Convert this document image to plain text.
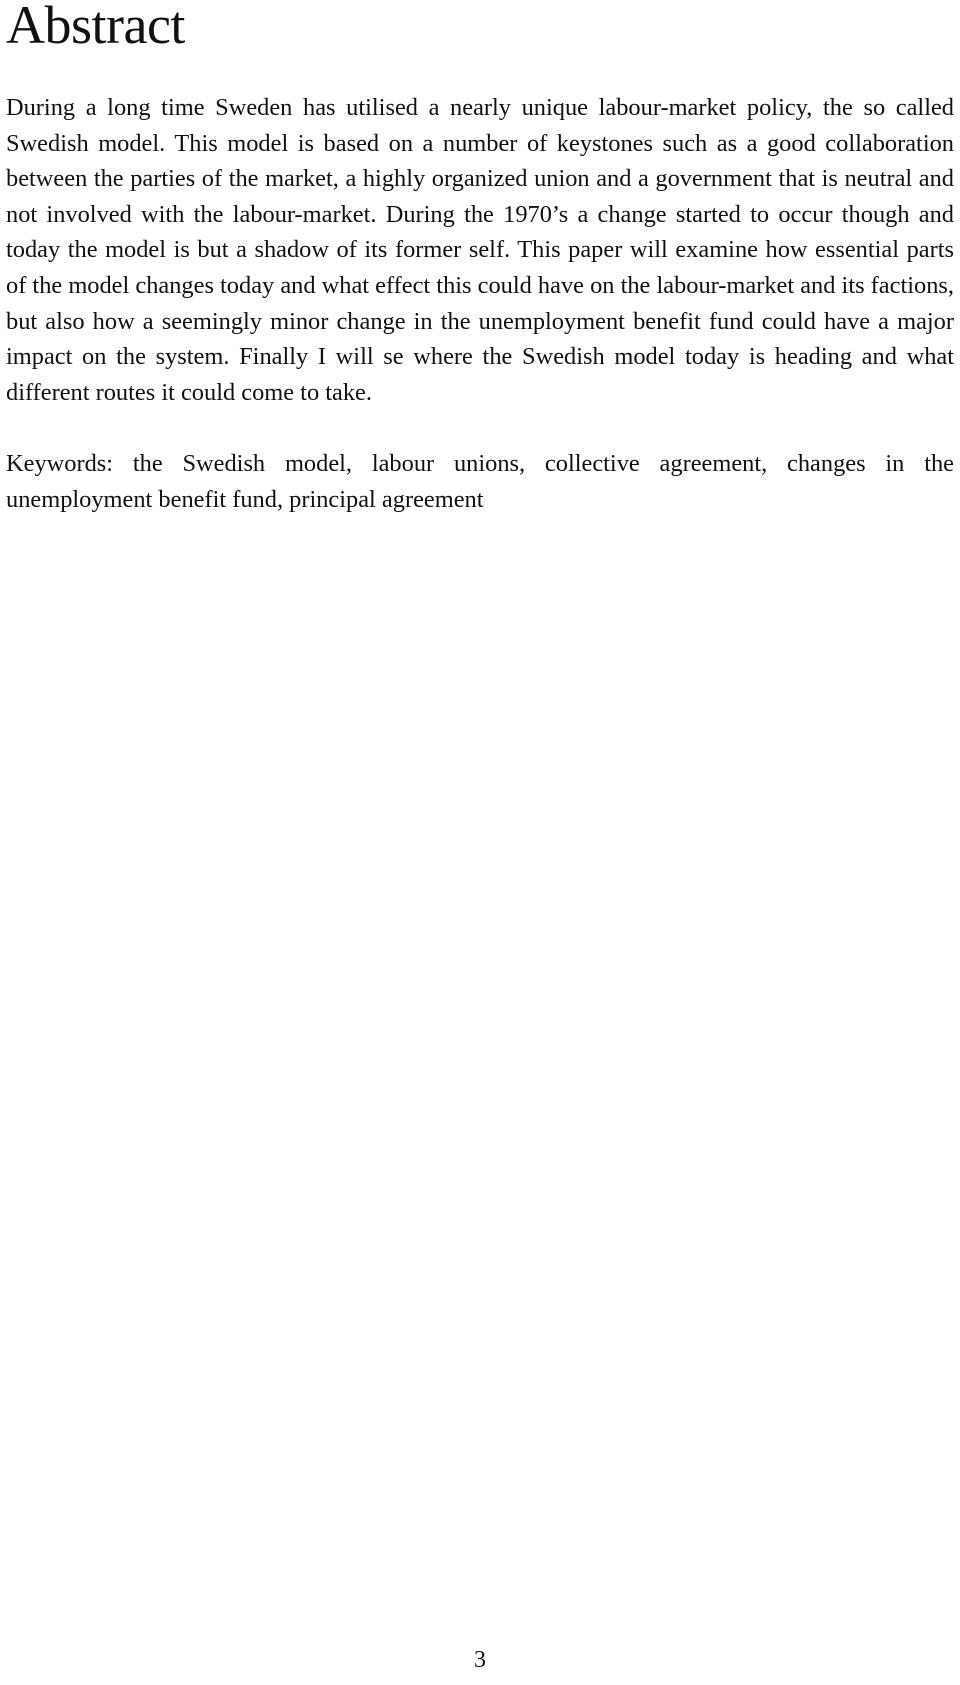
Abstract

During a long time Sweden has utilised a nearly unique labour-market policy, the so called Swedish model. This model is based on a number of keystones such as a good collaboration between the parties of the market, a highly organized union and a government that is neutral and not involved with the labour-market. During the 1970’s a change started to occur though and today the model is but a shadow of its former self. This paper will examine how essential parts of the model changes today and what effect this could have on the labour-market and its factions, but also how a seemingly minor change in the unemployment benefit fund could have a major impact on the system. Finally I will se where the Swedish model today is heading and what different routes it could come to take.

Keywords: the Swedish model, labour unions, collective agreement, changes in the unemployment benefit fund, principal agreement

3
